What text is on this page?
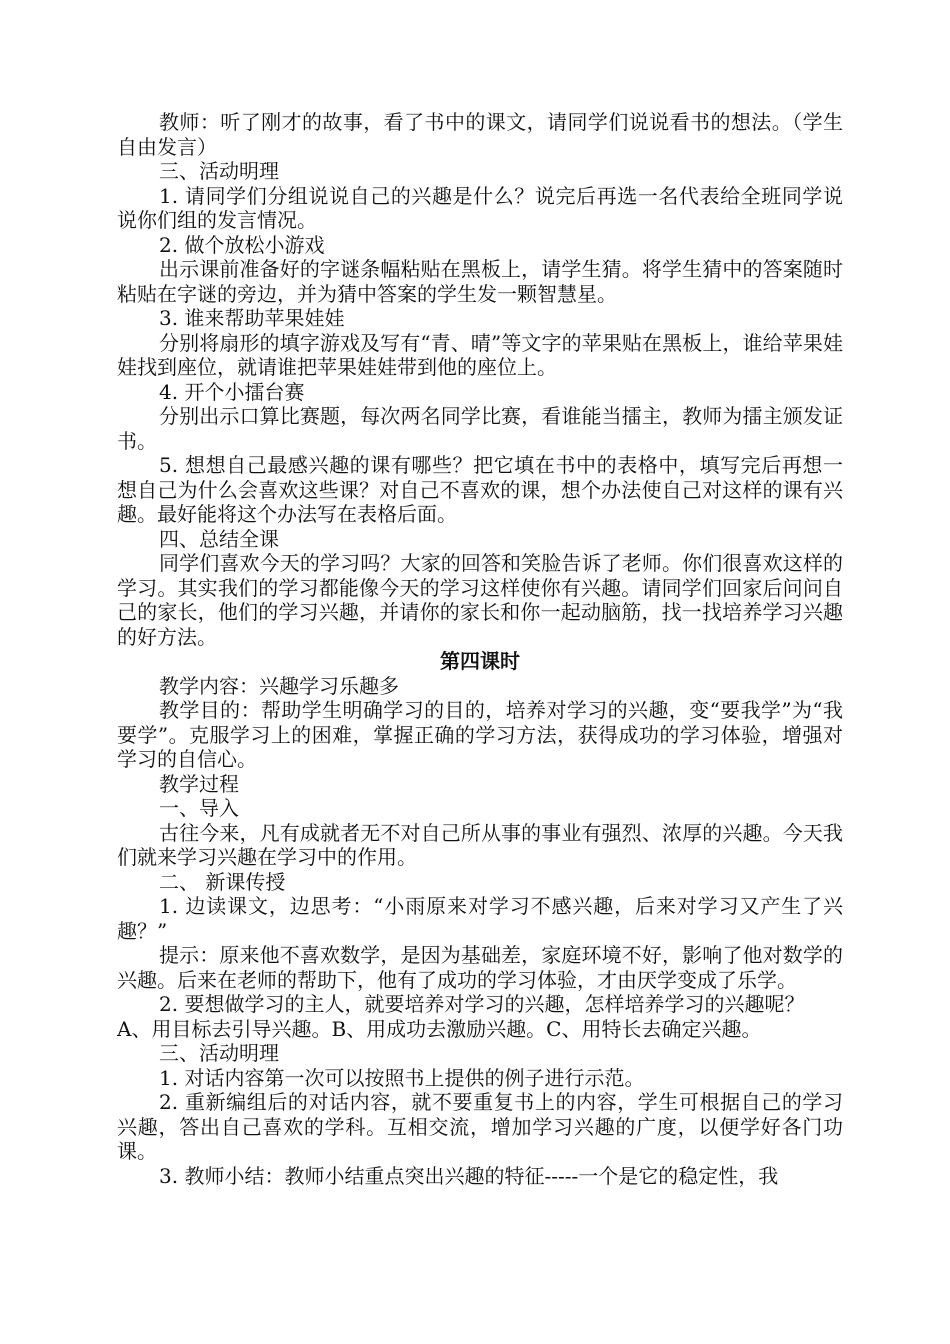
教师：听了刚才的故事，看了书中的课文，请同学们说说看书的想法。（学生自由发言）

三、活动明理

1. 请同学们分组说说自己的兴趣是什么？说完后再选一名代表给全班同学说说你们组的发言情况。

2. 做个放松小游戏

出示课前准备好的字谜条幅粘贴在黑板上，请学生猜。将学生猜中的答案随时粘贴在字谜的旁边，并为猜中答案的学生发一颗智慧星。

3. 谁来帮助苹果娃娃

分别将扇形的填字游戏及写有“青、晴”等文字的苹果贴在黑板上，谁给苹果娃娃找到座位，就请谁把苹果娃娃带到他的座位上。

4. 开个小擂台赛

分别出示口算比赛题，每次两名同学比赛，看谁能当擂主，教师为擂主颁发证书。

5. 想想自己最感兴趣的课有哪些？把它填在书中的表格中，填写完后再想一想自己为什么会喜欢这些课？对自己不喜欢的课，想个办法使自己对这样的课有兴趣。最好能将这个办法写在表格后面。

四、总结全课

同学们喜欢今天的学习吗？大家的回答和笑脸告诉了老师。你们很喜欢这样的学习。其实我们的学习都能像今天的学习这样使你有兴趣。请同学们回家后问问自己的家长，他们的学习兴趣，并请你的家长和你一起动脑筋，找一找培养学习兴趣的好方法。

第四课时

教学内容：兴趣学习乐趣多

教学目的：帮助学生明确学习的目的，培养对学习的兴趣，变“要我学”为“我要学”。克服学习上的困难，掌握正确的学习方法，获得成功的学习体验，增强对学习的自信心。

教学过程

一、导入

古往今来，凡有成就者无不对自己所从事的事业有强烈、浓厚的兴趣。今天我们就来学习兴趣在学习中的作用。

二、 新课传授

1. 边读课文，边思考：“小雨原来对学习不感兴趣，后来对学习又产生了兴趣？”

提示：原来他不喜欢数学，是因为基础差，家庭环境不好，影响了他对数学的兴趣。后来在老师的帮助下，他有了成功的学习体验，才由厌学变成了乐学。

2. 要想做学习的主人，就要培养对学习的兴趣，怎样培养学习的兴趣呢？

A、用目标去引导兴趣。B、用成功去激励兴趣。C、用特长去确定兴趣。

三、活动明理

1. 对话内容第一次可以按照书上提供的例子进行示范。

2. 重新编组后的对话内容，就不要重复书上的内容，学生可根据自己的学习兴趣，答出自己喜欢的学科。互相交流，增加学习兴趣的广度，以便学好各门功课。

3. 教师小结：教师小结重点突出兴趣的特征-----一个是它的稳定性，我
